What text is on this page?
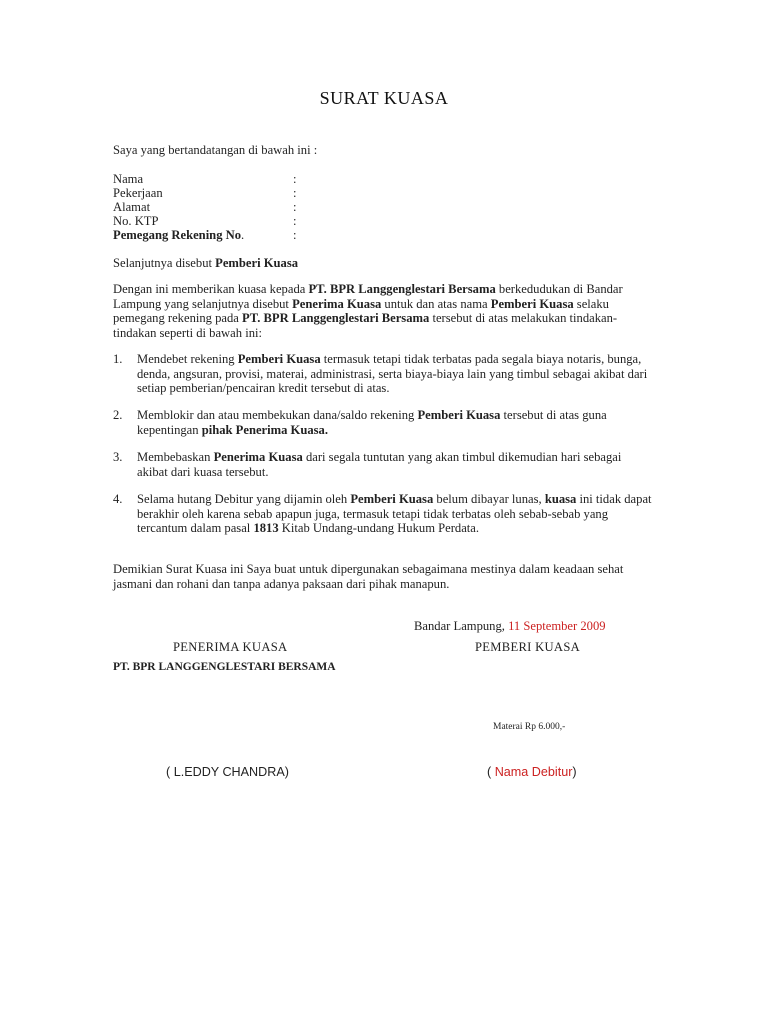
SURAT KUASA
Saya yang bertandatangan di bawah ini :
Nama	:
Pekerjaan	:
Alamat	:
No. KTP	:
Pemegang Rekening No.	:
Selanjutnya disebut Pemberi Kuasa
Dengan ini memberikan kuasa kepada PT. BPR Langgenglestari Bersama berkedudukan di Bandar Lampung yang selanjutnya disebut Penerima Kuasa untuk dan atas nama Pemberi Kuasa selaku pemegang rekening pada PT. BPR Langgenglestari Bersama tersebut di atas melakukan tindakan-tindakan seperti di bawah ini:
1. Mendebet rekening Pemberi Kuasa termasuk tetapi tidak terbatas pada segala biaya notaris, bunga, denda, angsuran, provisi, materai, administrasi, serta biaya-biaya lain yang timbul sebagai akibat dari setiap pemberian/pencairan kredit tersebut di atas.
2. Memblokir dan atau membekukan dana/saldo rekening Pemberi Kuasa tersebut di atas guna kepentingan pihak Penerima Kuasa.
3. Membebaskan Penerima Kuasa dari segala tuntutan yang akan timbul dikemudian hari sebagai akibat dari kuasa tersebut.
4. Selama hutang Debitur yang dijamin oleh Pemberi Kuasa belum dibayar lunas, kuasa ini tidak dapat berakhir oleh karena sebab apapun juga, termasuk tetapi tidak terbatas oleh sebab-sebab yang tercantum dalam pasal 1813 Kitab Undang-undang Hukum Perdata.
Demikian Surat Kuasa ini Saya buat untuk dipergunakan sebagaimana mestinya dalam keadaan sehat jasmani dan rohani dan tanpa adanya paksaan dari pihak manapun.
Bandar Lampung, 11 September 2009
PENERIMA KUASA	PEMBERI KUASA
PT. BPR LANGGENGLESTARI BERSAMA
Materai Rp 6.000,-
( L.EDDY CHANDRA)	( Nama Debitur)
